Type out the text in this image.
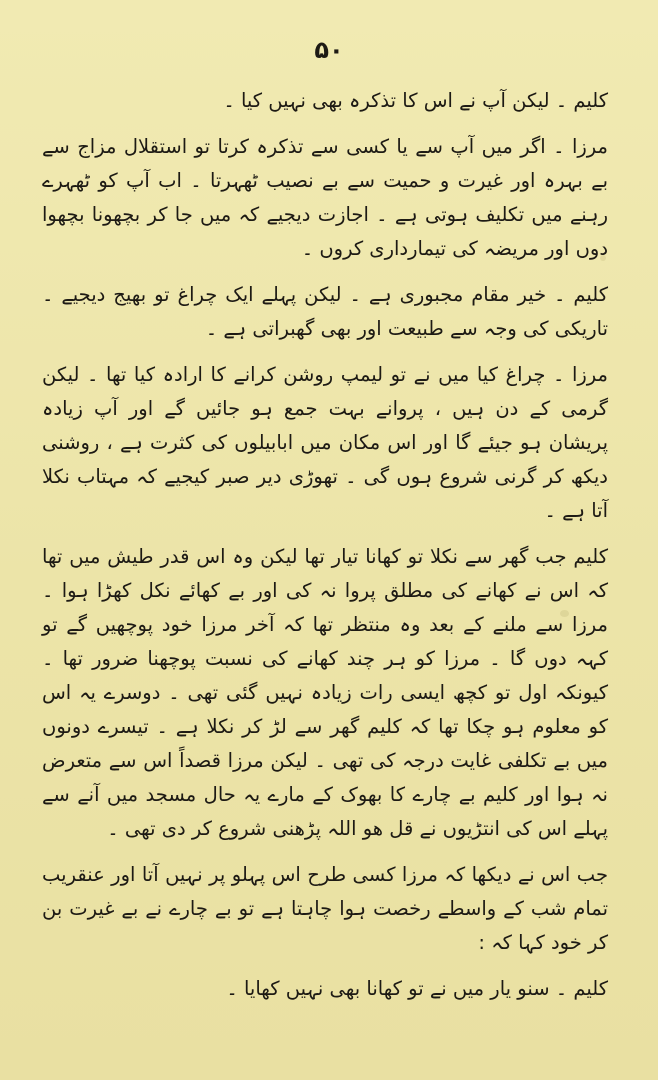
۵۰

کلیم ۔ لیکن آپ نے اس کا تذکرہ بھی نہیں کیا ۔

مرزا ۔ اگر میں آپ سے یا کسی سے تذکرہ کرتا تو استقلال مزاج سے بے بہرہ اور غیرت و حمیت سے بے نصیب ٹھہرتا ۔ اب آپ کو ٹھہرے رہنے میں تکلیف ہوتی ہے ۔ اجازت دیجیے کہ میں جا کر بچھونا بچھوا دوں اور مریضہ کی تیمارداری کروں ۔

کلیم ۔ خیر مقام مجبوری ہے ۔ لیکن پہلے ایک چراغ تو بھیج دیجیے ۔ تاریکی کی وجہ سے طبیعت اور بھی گھبراتی ہے ۔

مرزا ۔ چراغ کیا میں نے تو لیمپ روشن کرانے کا ارادہ کیا تھا ۔ لیکن گرمی کے دن ہیں ، پروانے بہت جمع ہو جائیں گے اور آپ زیادہ پریشان ہو جیئے گا اور اس مکان میں ابابیلوں کی کثرت ہے ، روشنی دیکھ کر گرنی شروع ہوں گی ۔ تھوڑی دیر صبر کیجیے کہ مہتاب نکلا آتا ہے ۔

کلیم جب گھر سے نکلا تو کھانا تیار تھا لیکن وہ اس قدر طیش میں تھا کہ اس نے کھانے کی مطلق پروا نہ کی اور بے کھائے نکل کھڑا ہوا ۔ مرزا سے ملنے کے بعد وہ منتظر تھا کہ آخر مرزا خود پوچھیں گے تو کہہ دوں گا ۔ مرزا کو ہر چند کھانے کی نسبت پوچھنا ضرور تھا ۔ کیونکہ اول تو کچھ ایسی رات زیادہ نہیں گئی تھی ۔ دوسرے یہ اس کو معلوم ہو چکا تھا کہ کلیم گھر سے لڑ کر نکلا ہے ۔ تیسرے دونوں میں بے تکلفی غایت درجہ کی تھی ۔ لیکن مرزا قصداً اس سے متعرض نہ ہوا اور کلیم بے چارے کا بھوک کے مارے یہ حال مسجد میں آنے سے پہلے اس کی انتڑیوں نے قل ھو اللہ پڑھنی شروع کر دی تھی ۔

جب اس نے دیکھا کہ مرزا کسی طرح اس پہلو پر نہیں آتا اور عنقریب تمام شب کے واسطے رخصت ہوا چاہتا ہے تو بے چارے نے بے غیرت بن کر خود کہا کہ :

کلیم ۔ سنو یار میں نے تو کھانا بھی نہیں کھایا ۔
